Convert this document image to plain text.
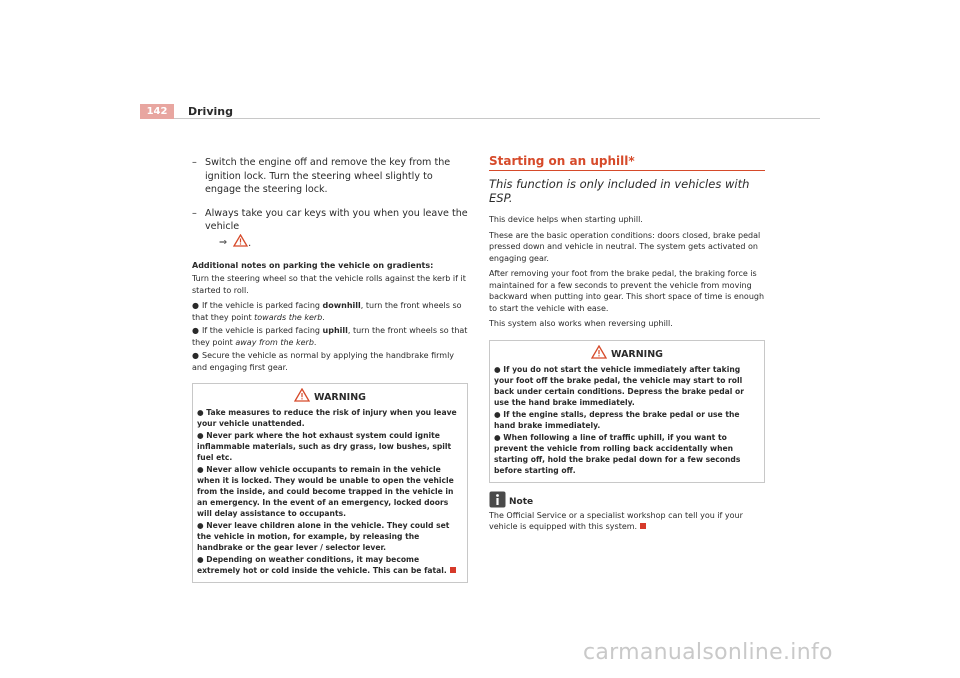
142	Driving
– Switch the engine off and remove the key from the ignition lock. Turn the steering wheel slightly to engage the steering lock.
– Always take you car keys with you when you leave the vehicle
⇒ .
Additional notes on parking the vehicle on gradients:
Turn the steering wheel so that the vehicle rolls against the kerb if it started to roll.
● If the vehicle is parked facing downhill, turn the front wheels so that they point towards the kerb.
● If the vehicle is parked facing uphill, turn the front wheels so that they point away from the kerb.
● Secure the vehicle as normal by applying the handbrake firmly and engaging first gear.
WARNING
● Take measures to reduce the risk of injury when you leave your vehicle unattended.
● Never park where the hot exhaust system could ignite inflammable materials, such as dry grass, low bushes, spilt fuel etc.
● Never allow vehicle occupants to remain in the vehicle when it is locked. They would be unable to open the vehicle from the inside, and could become trapped in the vehicle in an emergency. In the event of an emergency, locked doors will delay assistance to occupants.
● Never leave children alone in the vehicle. They could set the vehicle in motion, for example, by releasing the handbrake or the gear lever / selector lever.
● Depending on weather conditions, it may become extremely hot or cold inside the vehicle. This can be fatal.
Starting on an uphill*
This function is only included in vehicles with ESP.
This device helps when starting uphill.
These are the basic operation conditions: doors closed, brake pedal pressed down and vehicle in neutral. The system gets activated on engaging gear.
After removing your foot from the brake pedal, the braking force is maintained for a few seconds to prevent the vehicle from moving backward when putting into gear. This short space of time is enough to start the vehicle with ease.
This system also works when reversing uphill.
WARNING
● If you do not start the vehicle immediately after taking your foot off the brake pedal, the vehicle may start to roll back under certain conditions. Depress the brake pedal or use the hand brake immediately.
● If the engine stalls, depress the brake pedal or use the hand brake immediately.
● When following a line of traffic uphill, if you want to prevent the vehicle from rolling back accidentally when starting off, hold the brake pedal down for a few seconds before starting off.
Note
The Official Service or a specialist workshop can tell you if your vehicle is equipped with this system.
carmanualsonline.info
